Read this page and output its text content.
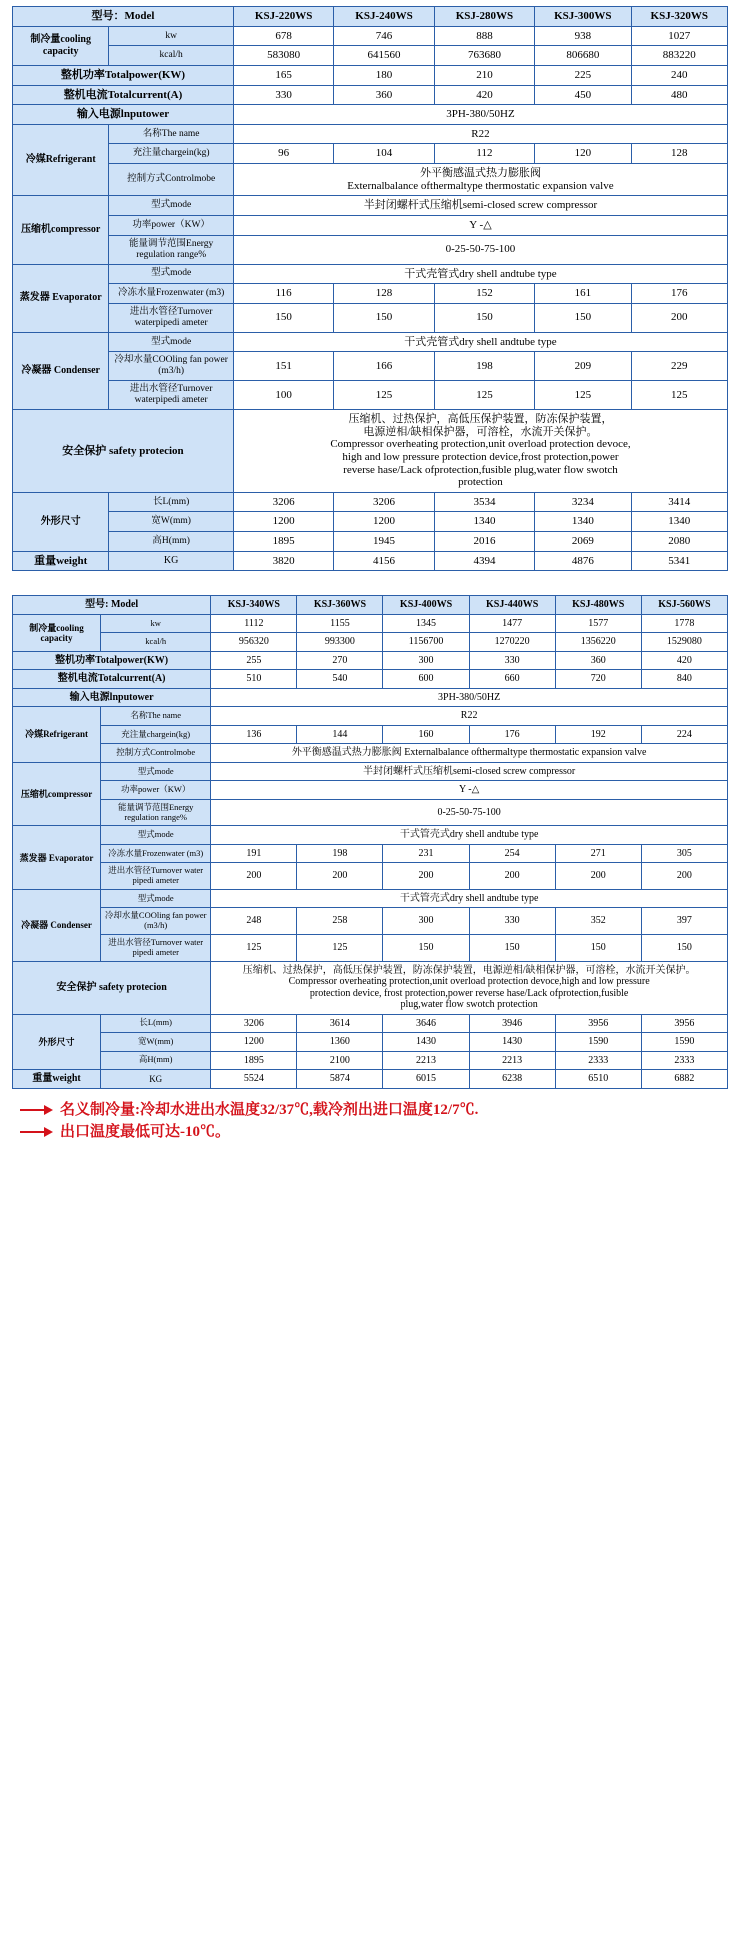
型号：Model		KSJ-220WS	KSJ-240WS	KSJ-280WS	KSJ-300WS	KSJ-320WS
制冷量cooling capacity	kw	678	746	888	938	1027
	kcal/h	583080	641560	763680	806680	883220
整机功率Totalpower(KW)		165	180	210	225	240
整机电流Totalcurrent(A)		330	360	420	450	480
输入电源lnputower		3PH-380/50HZ				
冷媒Refrigerant	名称The name	R22				
	充注量chargein(kg)	96	104	112	120	128
	控制方式Controlmobe	外平衡感温式热力膨胀阀
Externalbalance ofthermaltype thermostatic expansion valve				
压缩机compressor	型式mode	半封闭螺杆式压缩机semi-closed screw compressor				
	功率power（KW）	Y -△				
	能量调节范围Energy regulation range%	0-25-50-75-100				
蒸发器 Evaporator	型式mode	干式壳管式dry shell andtube type				
	冷冻水量Frozenwater (m3)	116	128	152	161	176
	进出水管径Turnover waterpipedi ameter	150	150	150	150	200
冷凝器 Condenser	型式mode	干式壳管式dry shell andtube type				
	冷却水量COOling fan power (m3/h)	151	166	198	209	229
	进出水管径Turnover waterpipedi ameter	100	125	125	125	125
安全保护 safety protecion	压缩机、过热保护，高低压保护装置，防冻保护装置，
电源逆相/缺相保护器，可溶栓，水流开关保护。
Compressor overheating protection,unit overload protection devoce,
high and low pressure protection device,frost protection,power
reverse hase/Lack ofprotection,fusible plug,water flow swotch
protection
外形尺寸	长L(mm)	3206	3206	3534	3234	3414
	宽W(mm)	1200	1200	1340	1340	1340
	高H(mm)	1895	1945	2016	2069	2080
重量weight	KG	3820	4156	4394	4876	5341
型号: Model		KSJ-340WS	KSJ-360WS	KSJ-400WS	KSJ-440WS	KSJ-480WS	KSJ-560WS
制冷量cooling capacity	kw	1112	1155	1345	1477	1577	1778
	kcal/h	956320	993300	1156700	1270220	1356220	1529080
整机功率Totalpower(KW)		255	270	300	330	360	420
整机电流Totalcurrent(A)		510	540	600	660	720	840
输入电源lnputower		3PH-380/50HZ					
冷媒Refrigerant	名称The name	R22					
	充注量chargein(kg)	136	144	160	176	192	224
	控制方式Controlmobe	外平衡感温式热力膨胀阀 Externalbalance ofthermaltype thermostatic expansion valve					
压缩机compressor	型式mode	半封闭螺杆式压缩机semi-closed screw compressor					
	功率power（KW）	Y -△					
	能量调节范围Energy regulation range%	0-25-50-75-100					
蒸发器 Evaporator	型式mode	干式管壳式dry shell andtube type					
	冷冻水量Frozenwater (m3)	191	198	231	254	271	305
	进出水管径Turnover water pipedi ameter	200	200	200	200	200	200
冷凝器 Condenser	型式mode	干式管壳式dry shell andtube type					
	冷却水量COOling fan power (m3/h)	248	258	300	330	352	397
	进出水管径Turnover water pipedi ameter	125	125	150	150	150	150
安全保护 safety protecion		压缩机、过热保护，高低压保护装置，防冻保护装置，电源逆相/缺相保护器，可溶栓，水流开关保护。
Compressor overheating protection,unit overload protection devoce,high and low pressure
protection device, frost protection,power reverse hase/Lack ofprotection,fusible
plug,water flow swotch protection					
外形尺寸	长L(mm)	3206	3614	3646	3946	3956	3956
	宽W(mm)	1200	1360	1430	1430	1590	1590
	高H(mm)	1895	2100	2213	2213	2333	2333
重量weight	KG	5524	5874	6015	6238	6510	6882
名义制冷量:冷却水进出水温度32/37℃,载冷剂出进口温度12/7℃.
出口温度最低可达-10℃。
